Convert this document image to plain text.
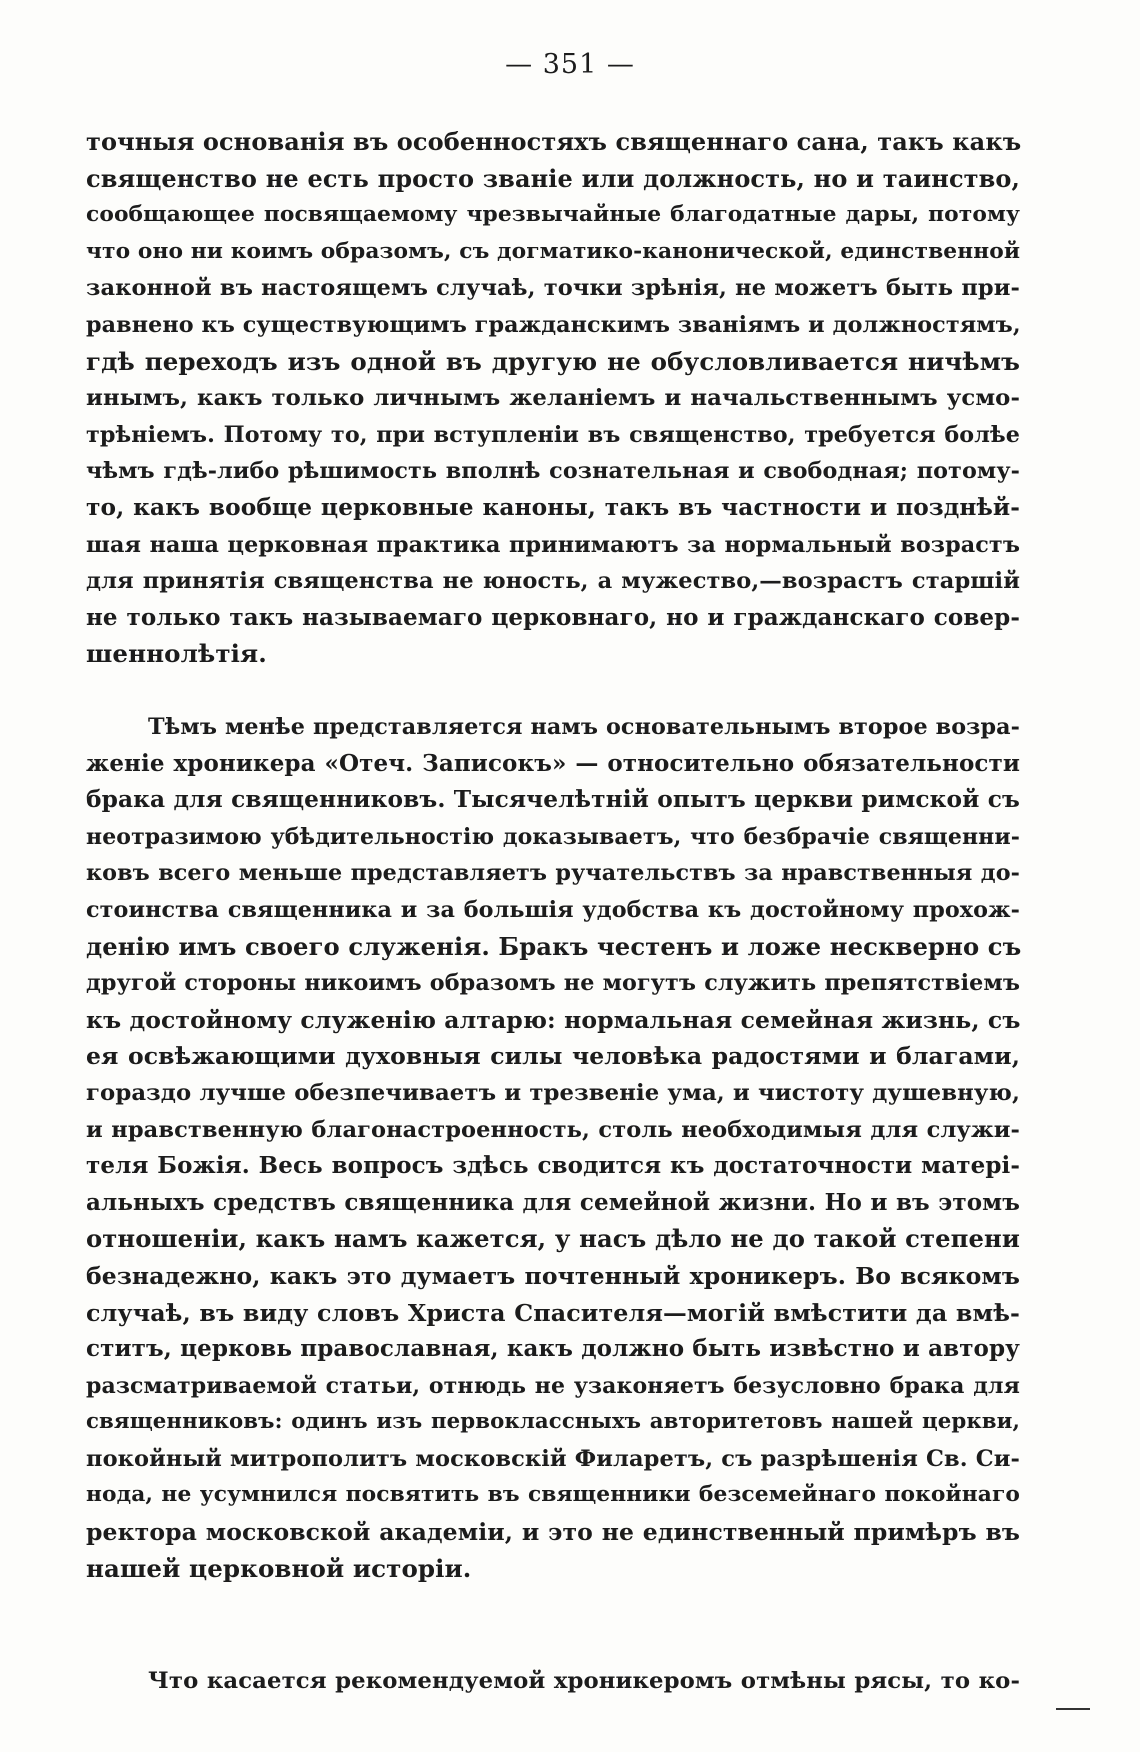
— 351 —
точныя основанія въ особенностяхъ священнаго сана, такъ какъ
священство не есть просто званіе или должность, но и таинство,
сообщающее посвящаемому чрезвычайные благодатные дары, потому
что оно ни коимъ образомъ, съ догматико-канонической, единственной
законной въ настоящемъ случаѣ, точки зрѣнія, не можетъ быть при-
равнено къ существующимъ гражданскимъ званіямъ и должностямъ,
гдѣ переходъ изъ одной въ другую не обусловливается ничѣмъ
инымъ, какъ только личнымъ желаніемъ и начальственнымъ усмо-
трѣніемъ. Потому то, при вступленіи въ священство, требуется болѣе
чѣмъ гдѣ-либо рѣшимость вполнѣ сознательная и свободная; потому-
то, какъ вообще церковные каноны, такъ въ частности и позднѣй-
шая наша церковная практика принимаютъ за нормальный возрастъ
для принятія священства не юность, а мужество,—возрастъ старшій
не только такъ называемаго церковнаго, но и гражданскаго совер-
шеннолѣтія.
Тѣмъ менѣе представляется намъ основательнымъ второе возра-
женіе хроникера «Отеч. Записокъ» — относительно обязательности
брака для священниковъ. Тысячелѣтній опытъ церкви римской съ
неотразимою убѣдительностію доказываетъ, что безбрачіе священни-
ковъ всего меньше представляетъ ручательствъ за нравственныя до-
стоинства священника и за большія удобства къ достойному прохож-
денію имъ своего служенія. Бракъ честенъ и ложе нескверно съ
другой стороны никоимъ образомъ не могутъ служить препятствіемъ
къ достойному служенію алтарю: нормальная семейная жизнь, съ
ея освѣжающими духовныя силы человѣка радостями и благами,
гораздо лучше обезпечиваетъ и трезвеніе ума, и чистоту душевную,
и нравственную благонастроенность, столь необходимыя для служи-
теля Божія. Весь вопросъ здѣсь сводится къ достаточности матері-
альныхъ средствъ священника для семейной жизни. Но и въ этомъ
отношеніи, какъ намъ кажется, у насъ дѣло не до такой степени
безнадежно, какъ это думаетъ почтенный хроникеръ. Во всякомъ
случаѣ, въ виду словъ Христа Спасителя—могій вмѣстити да вмѣ-
ститъ, церковь православная, какъ должно быть извѣстно и автору
разсматриваемой статьи, отнюдь не узаконяетъ безусловно брака для
священниковъ: одинъ изъ первоклассныхъ авторитетовъ нашей церкви,
покойный митрополитъ московскій Филаретъ, съ разрѣшенія Св. Си-
нода, не усумнился посвятить въ священники безсемейнаго покойнаго
ректора московской академіи, и это не единственный примѣръ въ
нашей церковной исторіи.
Что касается рекомендуемой хроникеромъ отмѣны рясы, то ко-
